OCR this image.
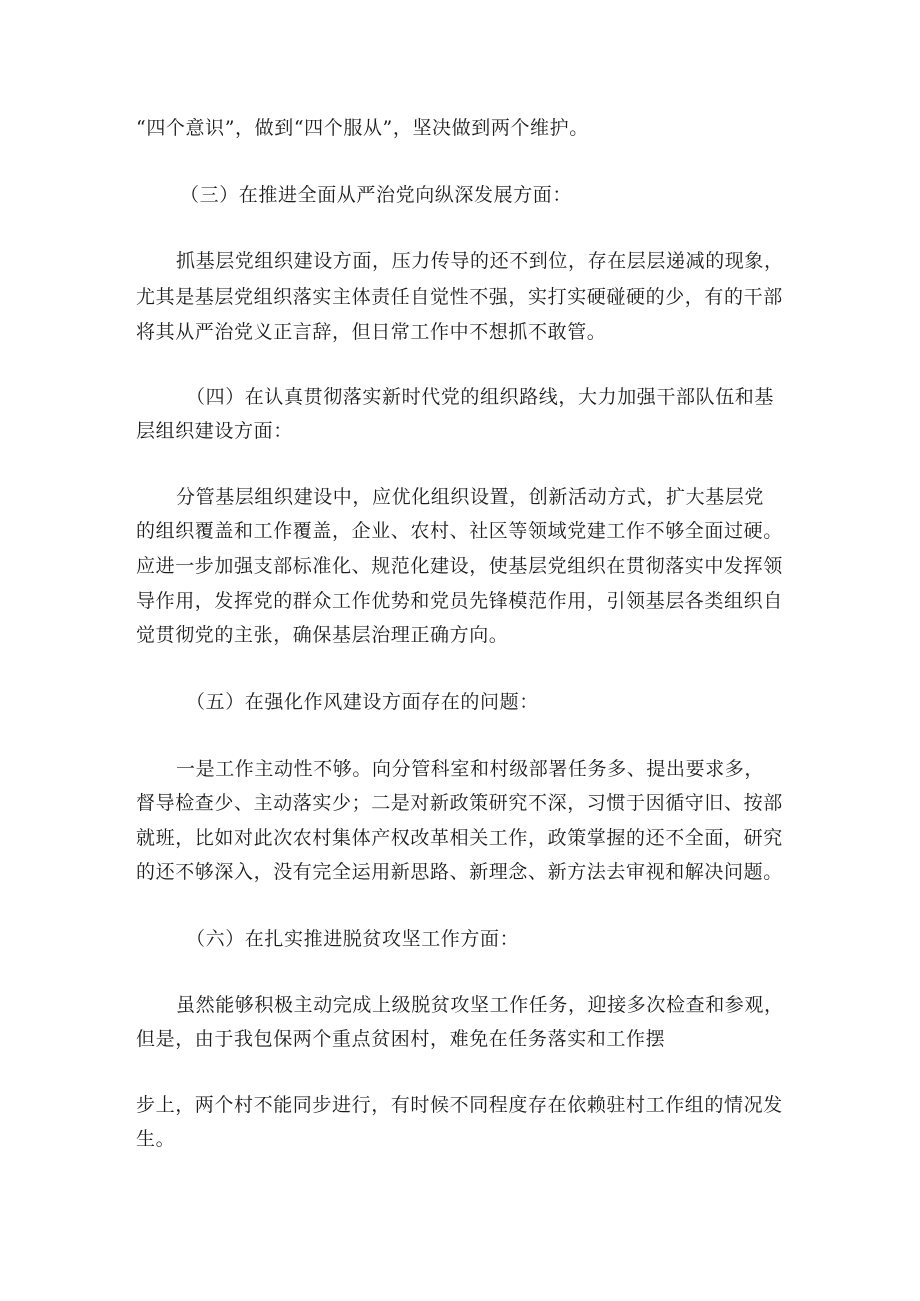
“四个意识”，做到“四个服从”，坚决做到两个维护。
（三）在推进全面从严治党向纵深发展方面：
抓基层党组织建设方面，压力传导的还不到位，存在层层递减的现象，
尤其是基层党组织落实主体责任自觉性不强，实打实硬碰硬的少，有的干部
将其从严治党义正言辞，但日常工作中不想抓不敢管。
（四）在认真贯彻落实新时代党的组织路线，大力加强干部队伍和基
层组织建设方面：
分管基层组织建设中，应优化组织设置，创新活动方式，扩大基层党
的组织覆盖和工作覆盖，企业、农村、社区等领域党建工作不够全面过硬。
应进一步加强支部标准化、规范化建设，使基层党组织在贯彻落实中发挥领
导作用，发挥党的群众工作优势和党员先锋模范作用，引领基层各类组织自
觉贯彻党的主张，确保基层治理正确方向。
（五）在强化作风建设方面存在的问题：
一是工作主动性不够。向分管科室和村级部署任务多、提出要求多，
督导检查少、主动落实少；二是对新政策研究不深，习惯于因循守旧、按部
就班，比如对此次农村集体产权改革相关工作，政策掌握的还不全面，研究
的还不够深入，没有完全运用新思路、新理念、新方法去审视和解决问题。
（六）在扎实推进脱贫攻坚工作方面：
虽然能够积极主动完成上级脱贫攻坚工作任务，迎接多次检查和参观，
但是，由于我包保两个重点贫困村，难免在任务落实和工作摆
步上，两个村不能同步进行，有时候不同程度存在依赖驻村工作组的情况发
生。
